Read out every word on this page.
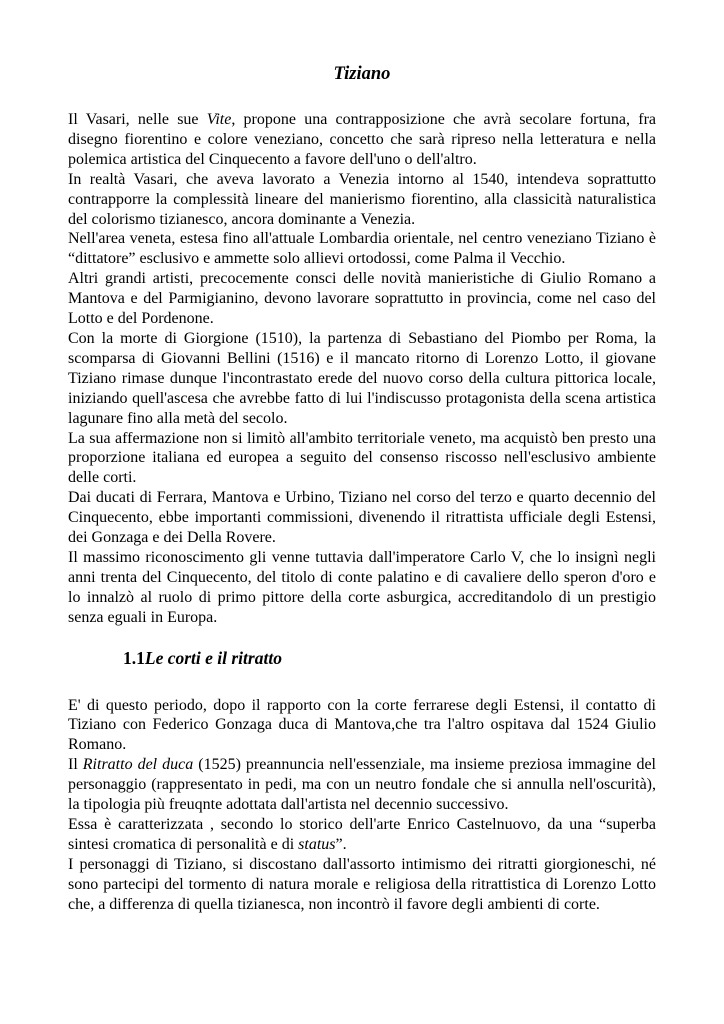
Tiziano

Il Vasari, nelle sue Vite, propone una contrapposizione che avrà secolare fortuna, fra disegno fiorentino e colore veneziano, concetto che sarà ripreso nella letteratura e nella polemica artistica del Cinquecento a favore dell'uno o dell'altro.

In realtà Vasari, che aveva lavorato a Venezia intorno al 1540, intendeva soprattutto contrapporre la complessità lineare del manierismo fiorentino, alla classicità naturalistica del colorismo tizianesco, ancora dominante a Venezia.

Nell'area veneta, estesa fino all'attuale Lombardia orientale, nel centro veneziano Tiziano è “dittatore” esclusivo e ammette solo allievi ortodossi, come Palma il Vecchio.

Altri grandi artisti, precocemente consci delle novità manieristiche di Giulio Romano a Mantova e del Parmigianino, devono lavorare soprattutto in provincia, come nel caso del Lotto e del Pordenone.

Con la morte di Giorgione (1510), la partenza di Sebastiano del Piombo per Roma, la scomparsa di Giovanni Bellini (1516) e il mancato ritorno di Lorenzo Lotto, il giovane Tiziano rimase dunque l'incontrastato erede del nuovo corso della cultura pittorica locale, iniziando quell'ascesa che avrebbe fatto di lui l'indiscusso protagonista della scena artistica lagunare fino alla metà del secolo.

La sua affermazione non si limitò all'ambito territoriale veneto, ma acquistò ben presto una proporzione italiana ed europea a seguito del consenso riscosso nell'esclusivo ambiente delle corti.

Dai ducati di Ferrara, Mantova e Urbino, Tiziano nel corso del terzo e quarto decennio del Cinquecento, ebbe importanti commissioni, divenendo il ritrattista ufficiale degli Estensi, dei Gonzaga e dei Della Rovere.

Il massimo riconoscimento gli venne tuttavia dall'imperatore Carlo V, che lo insignì negli anni trenta del Cinquecento, del titolo di conte palatino e di cavaliere dello speron d'oro e lo innalzò al ruolo di primo pittore della corte asburgica, accreditandolo di un prestigio senza eguali in Europa.

1.1Le corti e il ritratto

E' di questo periodo, dopo il rapporto con la corte ferrarese degli Estensi, il contatto di Tiziano con Federico Gonzaga duca di Mantova,che tra l'altro ospitava dal 1524 Giulio Romano.

Il Ritratto del duca (1525) preannuncia nell'essenziale, ma insieme preziosa immagine del personaggio (rappresentato in pedi, ma con un neutro fondale che si annulla nell'oscurità), la tipologia più freuqnte adottata dall'artista nel decennio successivo.

Essa è caratterizzata , secondo lo storico dell'arte Enrico Castelnuovo, da una “superba sintesi cromatica di personalità e di status”.

I personaggi di Tiziano, si discostano dall'assorto intimismo dei ritratti giorgioneschi, né sono partecipi del tormento di natura morale e religiosa della ritrattistica di Lorenzo Lotto che, a differenza di quella tizianesca, non incontrò il favore degli ambienti di corte.
